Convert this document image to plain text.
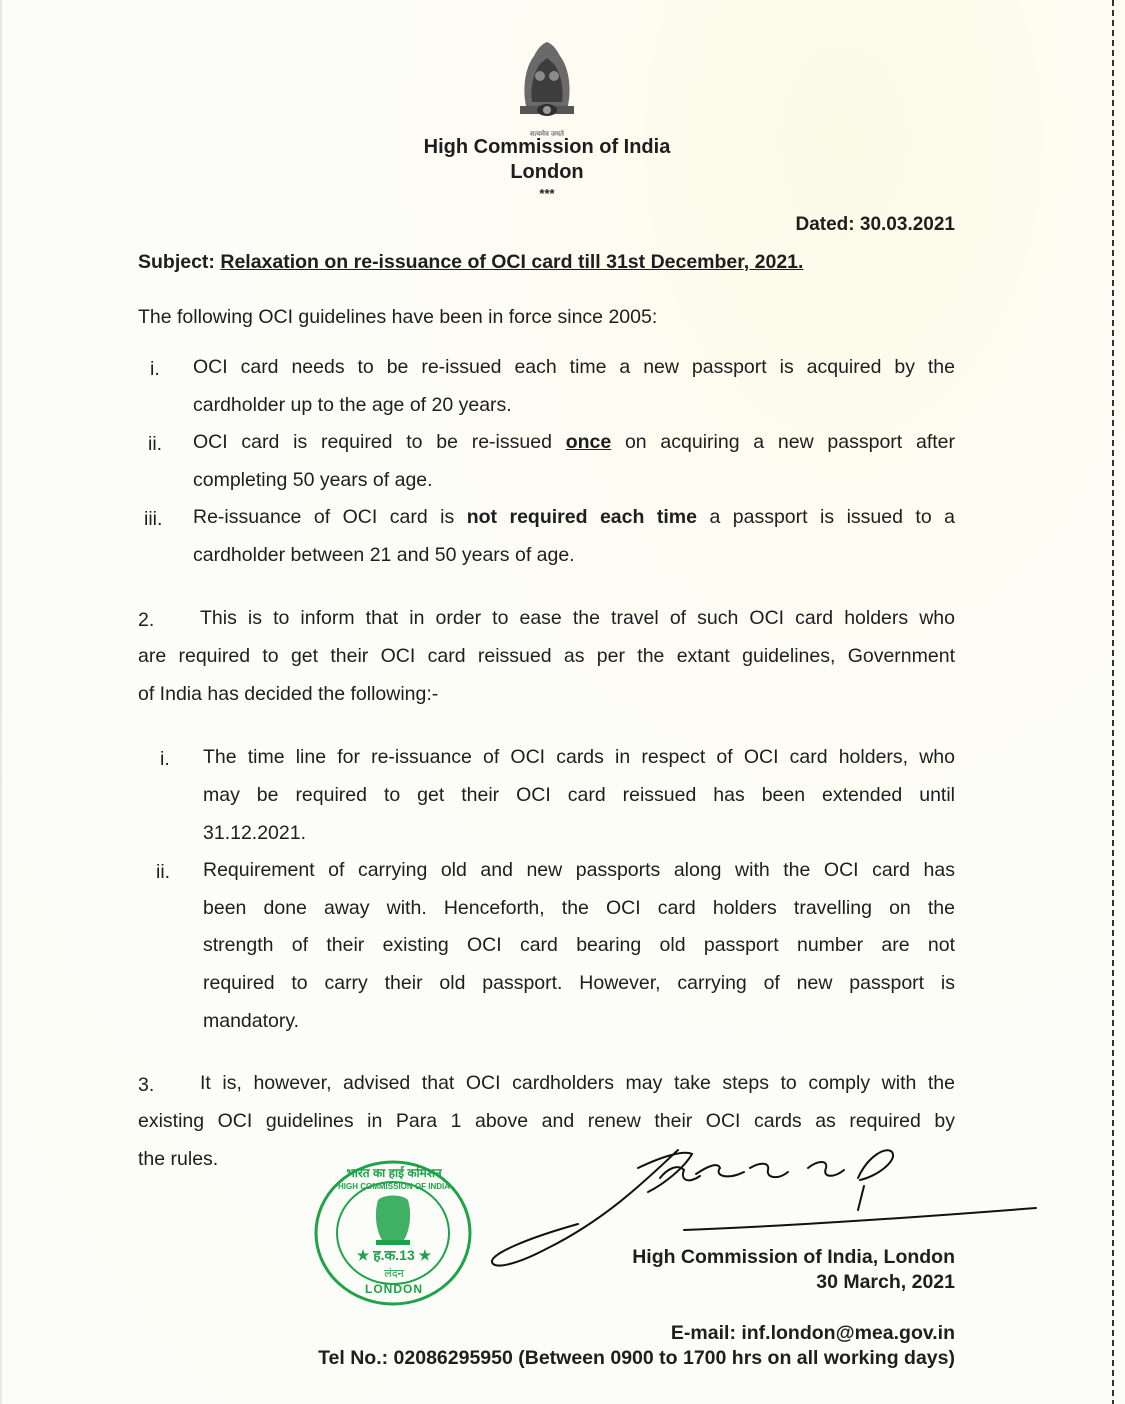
सत्यमेव जयते
High Commission of India
London
***
Dated: 30.03.2021
Subject: Relaxation on re-issuance of OCI card till 31st December, 2021.
The following OCI guidelines have been in force since 2005:
i. OCI card needs to be re-issued each time a new passport is acquired by the
cardholder up to the age of 20 years.
ii. OCI card is required to be re-issued once on acquiring a new passport after
completing 50 years of age.
iii. Re-issuance of OCI card is not required each time a passport is issued to a
cardholder between 21 and 50 years of age.
2. This is to inform that in order to ease the travel of such OCI card holders who
are required to get their OCI card reissued as per the extant guidelines, Government
of India has decided the following:-
i. The time line for re-issuance of OCI cards in respect of OCI card holders, who
may be required to get their OCI card reissued has been extended until
31.12.2021.
ii. Requirement of carrying old and new passports along with the OCI card has
been done away with. Henceforth, the OCI card holders travelling on the
strength of their existing OCI card bearing old passport number are not
required to carry their old passport. However, carrying of new passport is
mandatory.
3. It is, however, advised that OCI cardholders may take steps to comply with the
existing OCI guidelines in Para 1 above and renew their OCI cards as required by
the rules.
भारत का हाई कमिशन
HIGH COMMISSION OF INDIA
★ ह.क.13 ★
लंदन
LONDON
High Commission of India, London
30 March, 2021
E-mail: inf.london@mea.gov.in
Tel No.: 02086295950 (Between 0900 to 1700 hrs on all working days)
